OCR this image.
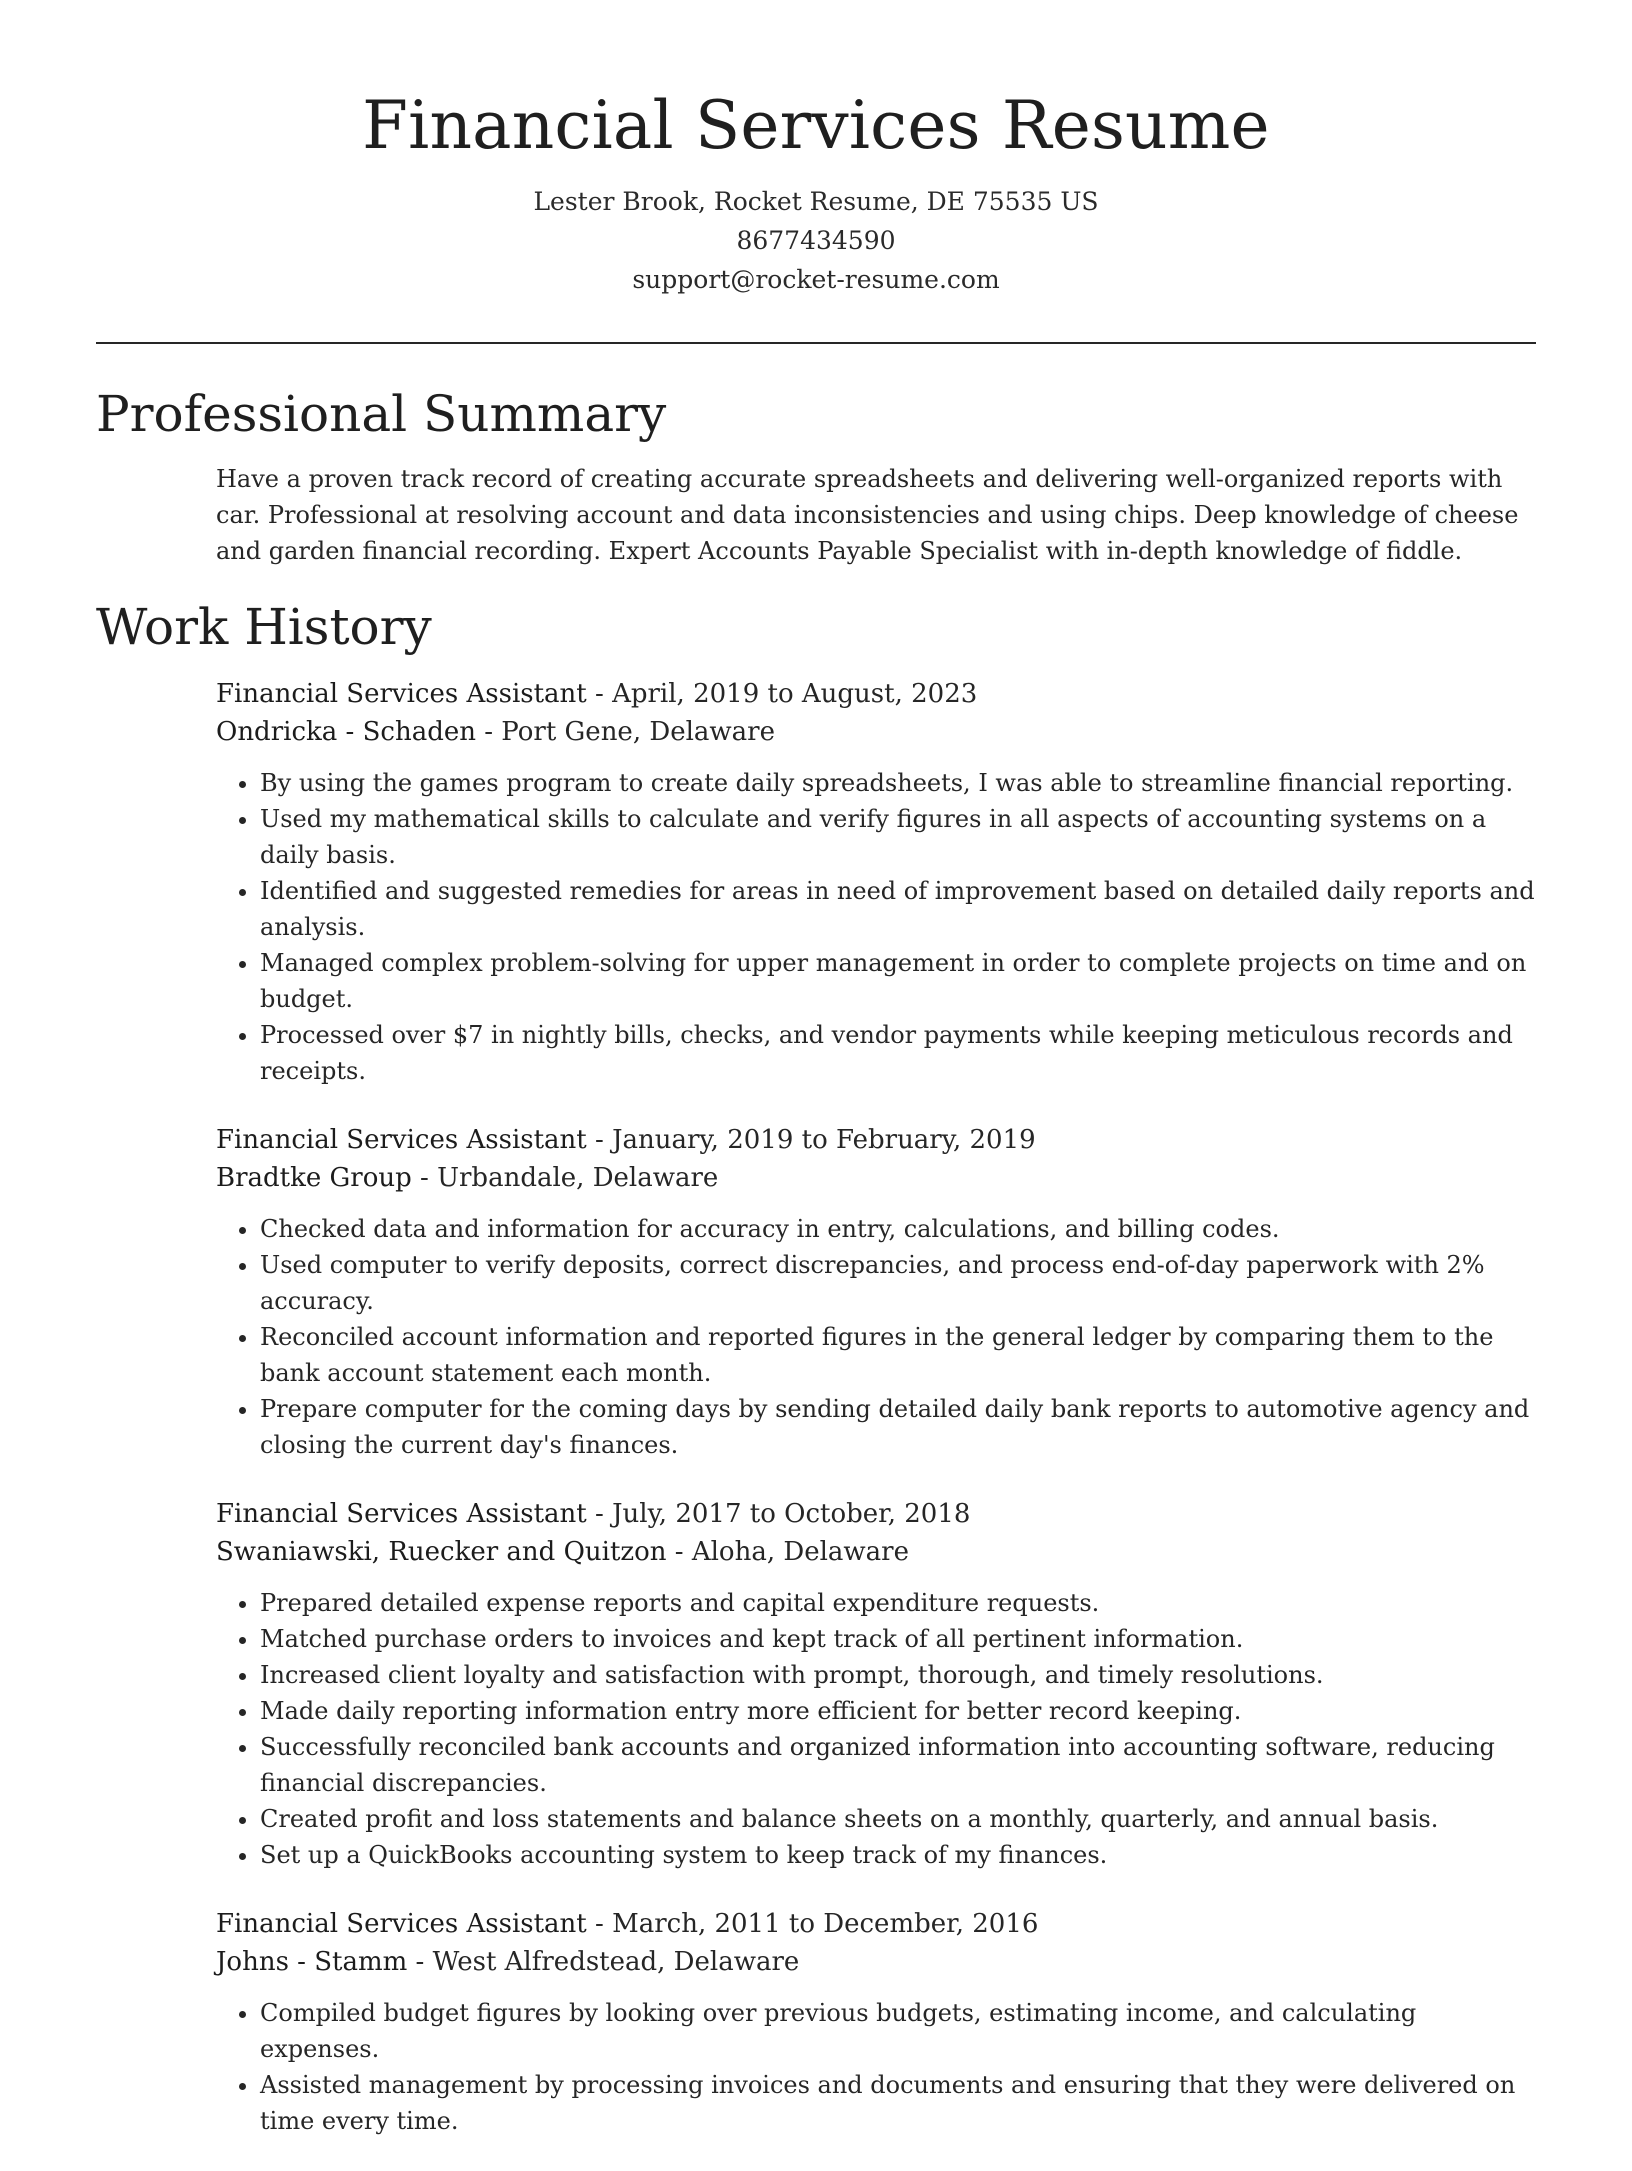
Financial Services Resume
Lester Brook, Rocket Resume, DE 75535 US
8677434590
support@rocket-resume.com
Professional Summary

Have a proven track record of creating accurate spreadsheets and delivering well-organized reports with car. Professional at resolving account and data inconsistencies and using chips. Deep knowledge of cheese and garden financial recording. Expert Accounts Payable Specialist with in-depth knowledge of fiddle.

Work History
Financial Services Assistant - April, 2019 to August, 2023
Ondricka - Schaden - Port Gene, Delaware
• By using the games program to create daily spreadsheets, I was able to streamline financial reporting.
• Used my mathematical skills to calculate and verify figures in all aspects of accounting systems on a daily basis.
• Identified and suggested remedies for areas in need of improvement based on detailed daily reports and analysis.
• Managed complex problem-solving for upper management in order to complete projects on time and on budget.
• Processed over $7 in nightly bills, checks, and vendor payments while keeping meticulous records and receipts.
Financial Services Assistant - January, 2019 to February, 2019
Bradtke Group - Urbandale, Delaware
• Checked data and information for accuracy in entry, calculations, and billing codes.
• Used computer to verify deposits, correct discrepancies, and process end-of-day paperwork with 2% accuracy.
• Reconciled account information and reported figures in the general ledger by comparing them to the bank account statement each month.
• Prepare computer for the coming days by sending detailed daily bank reports to automotive agency and closing the current day's finances.
Financial Services Assistant - July, 2017 to October, 2018
Swaniawski, Ruecker and Quitzon - Aloha, Delaware
• Prepared detailed expense reports and capital expenditure requests.
• Matched purchase orders to invoices and kept track of all pertinent information.
• Increased client loyalty and satisfaction with prompt, thorough, and timely resolutions.
• Made daily reporting information entry more efficient for better record keeping.
• Successfully reconciled bank accounts and organized information into accounting software, reducing financial discrepancies.
• Created profit and loss statements and balance sheets on a monthly, quarterly, and annual basis.
• Set up a QuickBooks accounting system to keep track of my finances.
Financial Services Assistant - March, 2011 to December, 2016
Johns - Stamm - West Alfredstead, Delaware
• Compiled budget figures by looking over previous budgets, estimating income, and calculating expenses.
• Assisted management by processing invoices and documents and ensuring that they were delivered on time every time.
